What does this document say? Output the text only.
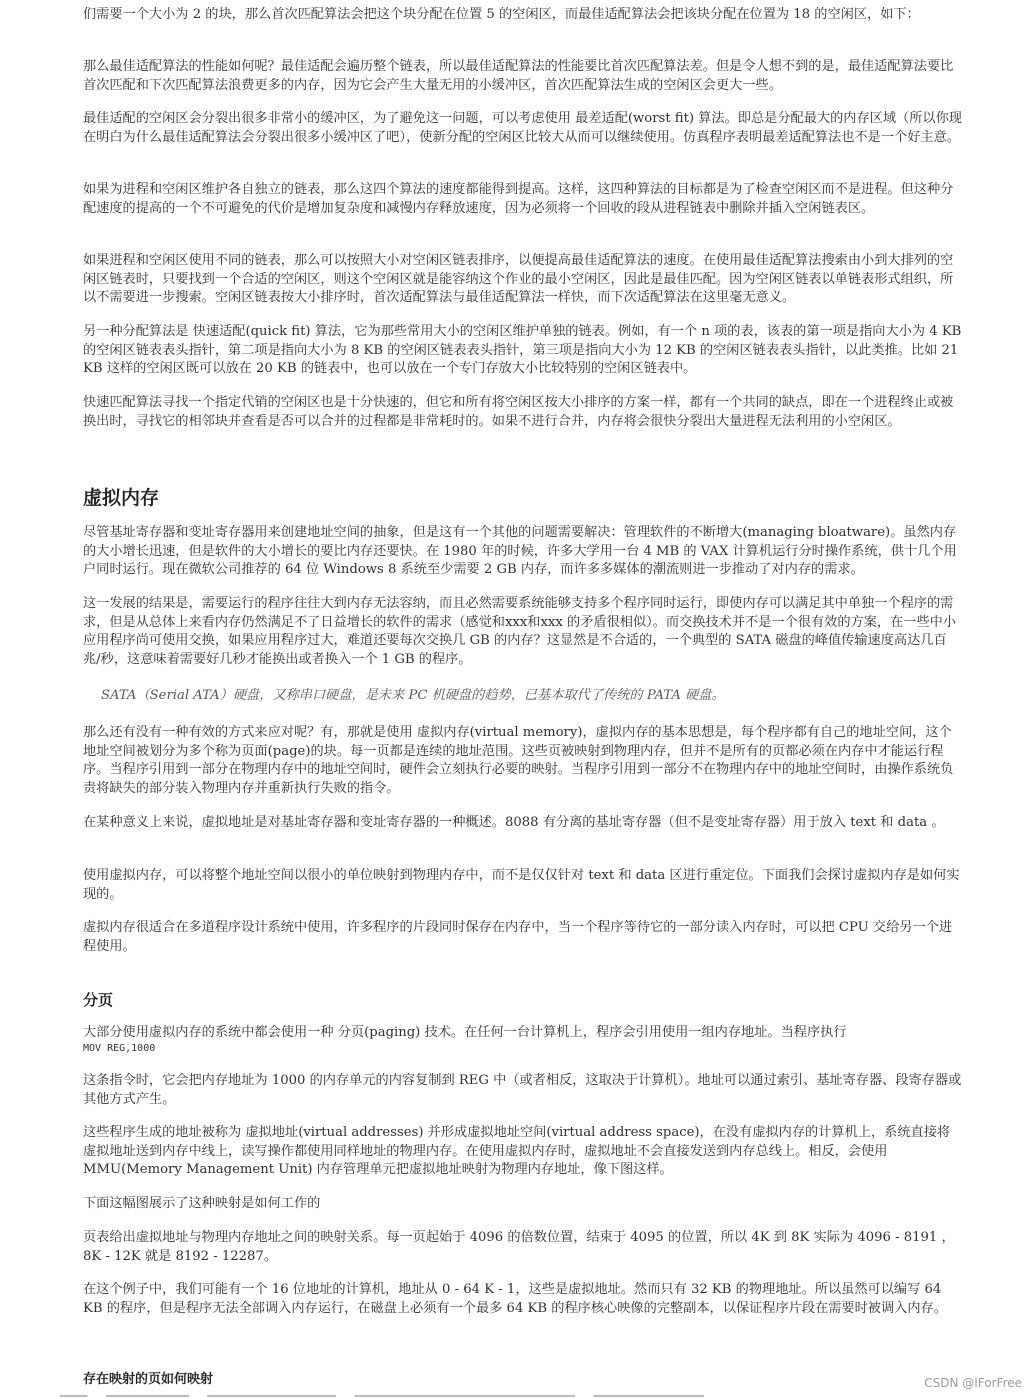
们需要一个大小为 2 的块，那么首次匹配算法会把这个块分配在位置 5 的空闲区，而最佳适配算法会把该块分配在位置为 18 的空闲区，如下：

那么最佳适配算法的性能如何呢？最佳适配会遍历整个链表，所以最佳适配算法的性能要比首次匹配算法差。但是令人想不到的是，最佳适配算法要比首次匹配和下次匹配算法浪费更多的内存，因为它会产生大量无用的小缓冲区，首次匹配算法生成的空闲区会更大一些。

最佳适配的空闲区会分裂出很多非常小的缓冲区，为了避免这一问题，可以考虑使用 最差适配(worst fit) 算法。即总是分配最大的内存区域（所以你现在明白为什么最佳适配算法会分裂出很多小缓冲区了吧），使新分配的空闲区比较大从而可以继续使用。仿真程序表明最差适配算法也不是一个好主意。

如果为进程和空闲区维护各自独立的链表，那么这四个算法的速度都能得到提高。这样，这四种算法的目标都是为了检查空闲区而不是进程。但这种分配速度的提高的一个不可避免的代价是增加复杂度和减慢内存释放速度，因为必须将一个回收的段从进程链表中删除并插入空闲链表区。

如果进程和空闲区使用不同的链表，那么可以按照大小对空闲区链表排序，以便提高最佳适配算法的速度。在使用最佳适配算法搜索由小到大排列的空闲区链表时，只要找到一个合适的空闲区，则这个空闲区就是能容纳这个作业的最小空闲区，因此是最佳匹配。因为空闲区链表以单链表形式组织，所以不需要进一步搜索。空闲区链表按大小排序时，首次适配算法与最佳适配算法一样快，而下次适配算法在这里毫无意义。

另一种分配算法是 快速适配(quick fit) 算法，它为那些常用大小的空闲区维护单独的链表。例如，有一个 n 项的表，该表的第一项是指向大小为 4 KB 的空闲区链表表头指针，第二项是指向大小为 8 KB 的空闲区链表表头指针，第三项是指向大小为 12 KB 的空闲区链表表头指针，以此类推。比如 21 KB 这样的空闲区既可以放在 20 KB 的链表中，也可以放在一个专门存放大小比较特别的空闲区链表中。

快速匹配算法寻找一个指定代销的空闲区也是十分快速的，但它和所有将空闲区按大小排序的方案一样，都有一个共同的缺点，即在一个进程终止或被换出时，寻找它的相邻块并查看是否可以合并的过程都是非常耗时的。如果不进行合并，内存将会很快分裂出大量进程无法利用的小空闲区。

虚拟内存

尽管基址寄存器和变址寄存器用来创建地址空间的抽象，但是这有一个其他的问题需要解决：管理软件的不断增大(managing bloatware)。虽然内存的大小增长迅速，但是软件的大小增长的要比内存还要快。在 1980 年的时候，许多大学用一台 4 MB 的 VAX 计算机运行分时操作系统，供十几个用户同时运行。现在微软公司推荐的 64 位 Windows 8 系统至少需要 2 GB 内存，而许多多媒体的潮流则进一步推动了对内存的需求。

这一发展的结果是，需要运行的程序往往大到内存无法容纳，而且必然需要系统能够支持多个程序同时运行，即使内存可以满足其中单独一个程序的需求，但是从总体上来看内存仍然满足不了日益增长的软件的需求（感觉和xxx和xxx 的矛盾很相似）。而交换技术并不是一个很有效的方案，在一些中小应用程序尚可使用交换，如果应用程序过大，难道还要每次交换几 GB 的内存？这显然是不合适的，一个典型的 SATA 磁盘的峰值传输速度高达几百兆/秒，这意味着需要好几秒才能换出或者换入一个 1 GB 的程序。

SATA（Serial ATA）硬盘，又称串口硬盘，是未来 PC 机硬盘的趋势，已基本取代了传统的 PATA 硬盘。

那么还有没有一种有效的方式来应对呢？有，那就是使用 虚拟内存(virtual memory)，虚拟内存的基本思想是，每个程序都有自己的地址空间，这个地址空间被划分为多个称为页面(page)的块。每一页都是连续的地址范围。这些页被映射到物理内存，但并不是所有的页都必须在内存中才能运行程序。当程序引用到一部分在物理内存中的地址空间时，硬件会立刻执行必要的映射。当程序引用到一部分不在物理内存中的地址空间时，由操作系统负责将缺失的部分装入物理内存并重新执行失败的指令。

在某种意义上来说，虚拟地址是对基址寄存器和变址寄存器的一种概述。8088 有分离的基址寄存器（但不是变址寄存器）用于放入 text 和 data 。

使用虚拟内存，可以将整个地址空间以很小的单位映射到物理内存中，而不是仅仅针对 text 和 data 区进行重定位。下面我们会探讨虚拟内存是如何实现的。

虚拟内存很适合在多道程序设计系统中使用，许多程序的片段同时保存在内存中，当一个程序等待它的一部分读入内存时，可以把 CPU 交给另一个进程使用。

分页

大部分使用虚拟内存的系统中都会使用一种 分页(paging) 技术。在任何一台计算机上，程序会引用使用一组内存地址。当程序执行

MOV REG,1000

这条指令时，它会把内存地址为 1000 的内存单元的内容复制到 REG 中（或者相反，这取决于计算机）。地址可以通过索引、基址寄存器、段寄存器或其他方式产生。

这些程序生成的地址被称为 虚拟地址(virtual addresses) 并形成虚拟地址空间(virtual address space)，在没有虚拟内存的计算机上，系统直接将虚拟地址送到内存中线上，读写操作都使用同样地址的物理内存。在使用虚拟内存时，虚拟地址不会直接发送到内存总线上。相反，会使用 MMU(Memory Management Unit) 内存管理单元把虚拟地址映射为物理内存地址，像下图这样。

下面这幅图展示了这种映射是如何工作的

页表给出虚拟地址与物理内存地址之间的映射关系。每一页起始于 4096 的倍数位置，结束于 4095 的位置，所以 4K 到 8K 实际为 4096 - 8191 ，8K - 12K 就是 8192 - 12287。

在这个例子中，我们可能有一个 16 位地址的计算机，地址从 0 - 64 K - 1，这些是虚拟地址。然而只有 32 KB 的物理地址。所以虽然可以编写 64 KB 的程序，但是程序无法全部调入内存运行，在磁盘上必须有一个最多 64 KB 的程序核心映像的完整副本，以保证程序片段在需要时被调入内存。

存在映射的页如何映射	CSDN @IForFree
